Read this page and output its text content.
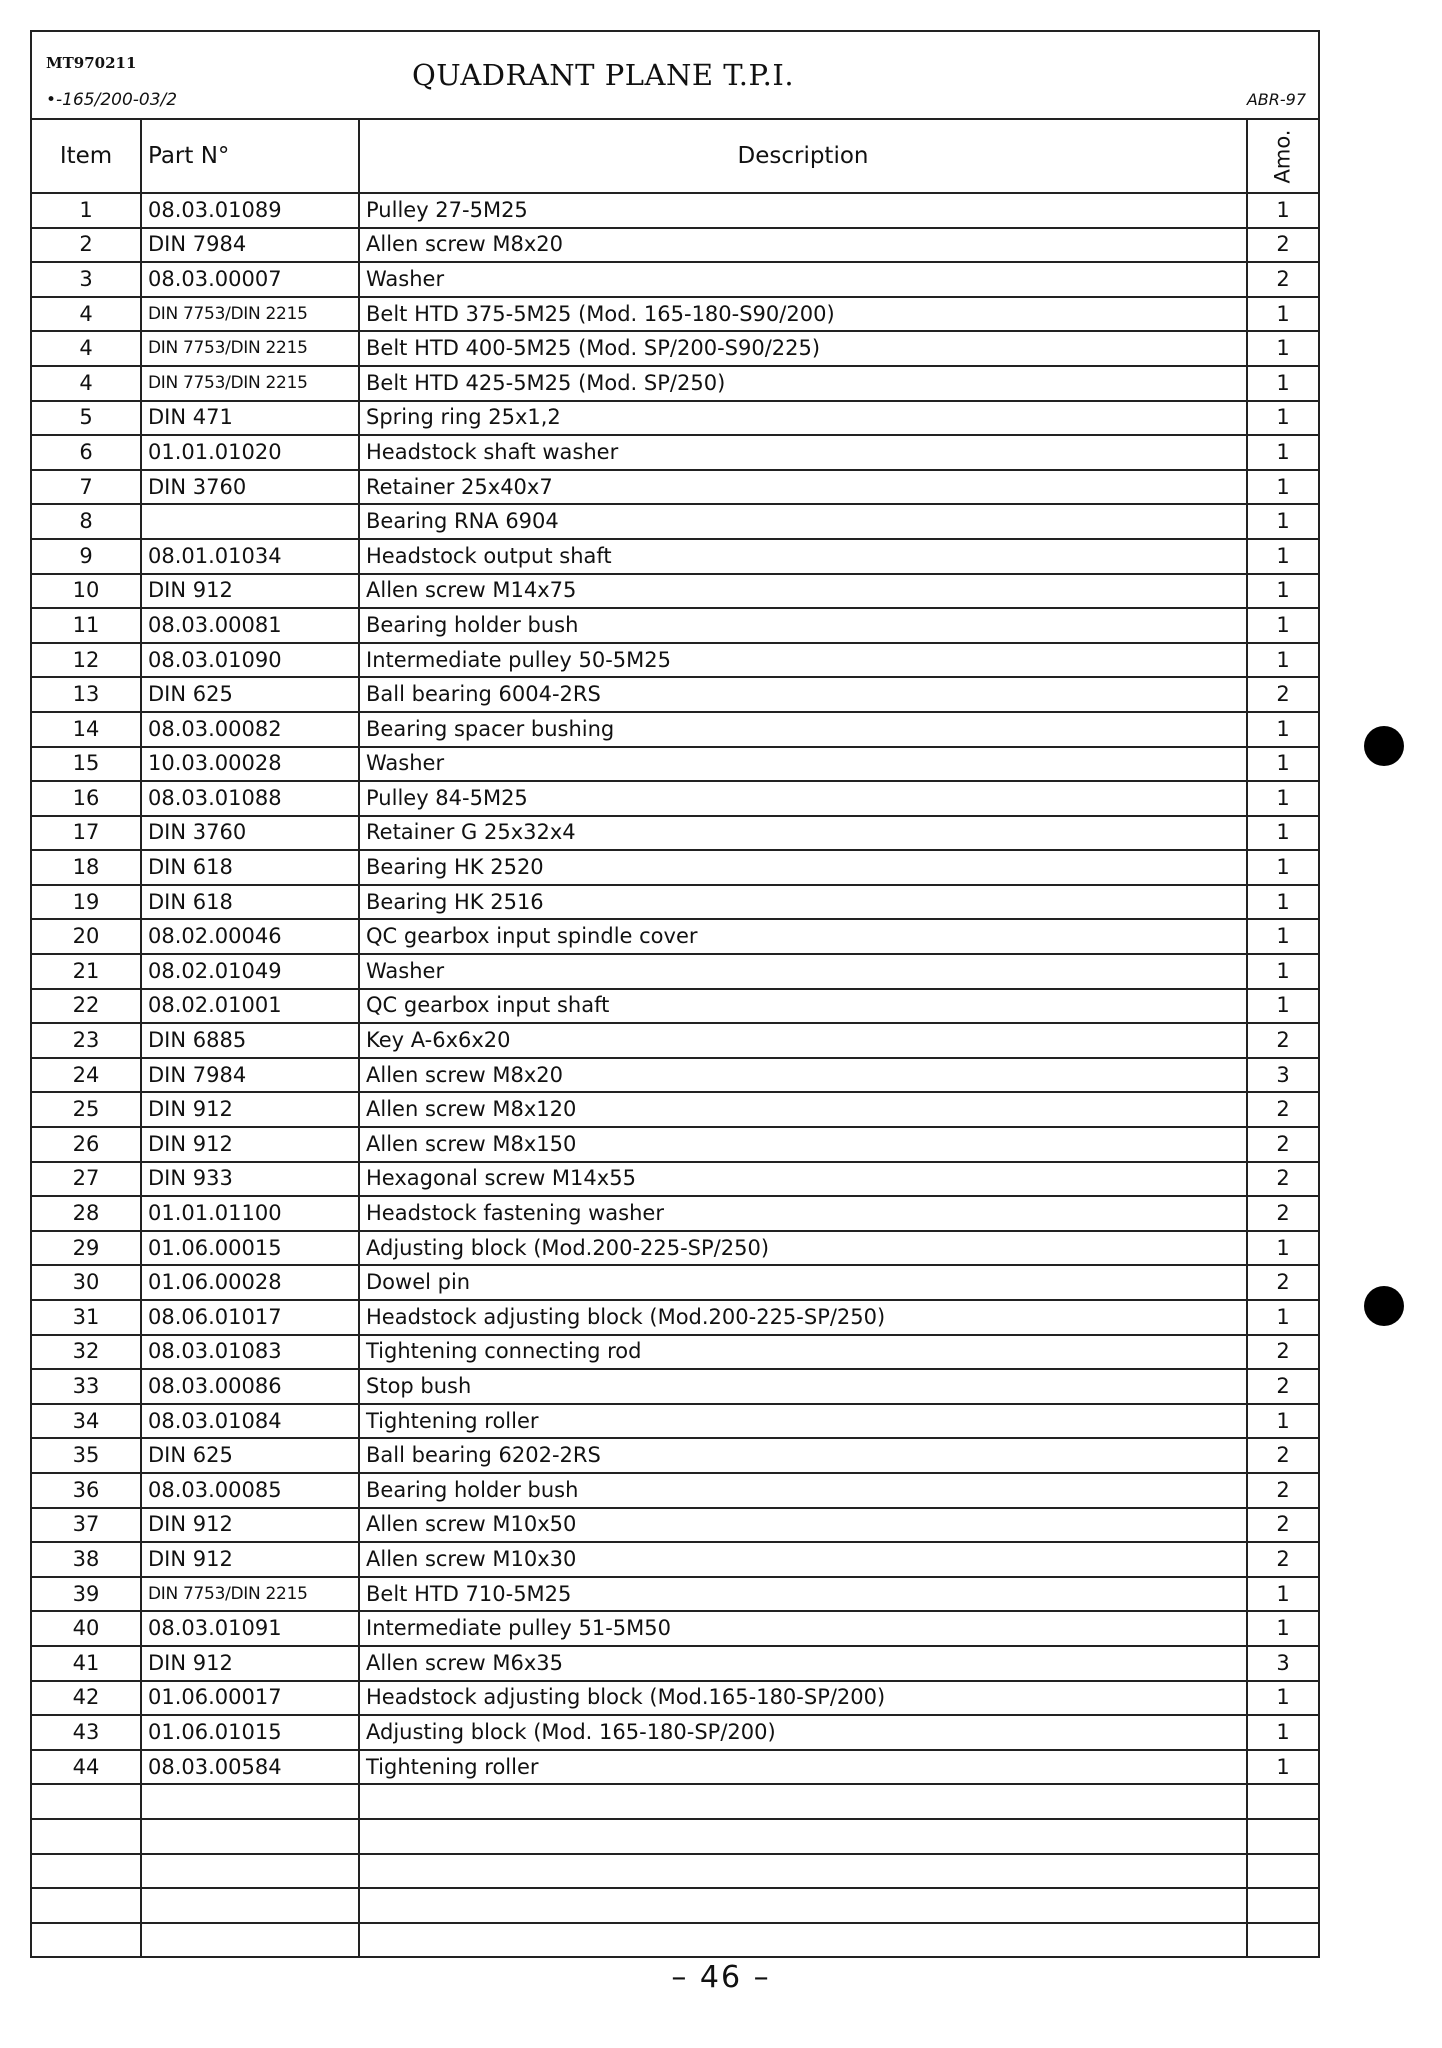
MT970211
•-165/200-03/2
QUADRANT PLANE T.P.I.
ABR-97
Item	Part N°	Description	Amo.
1	08.03.01089	Pulley 27-5M25	1
2	DIN 7984	Allen screw M8x20	2
3	08.03.00007	Washer	2
4	DIN 7753/DIN 2215	Belt HTD 375-5M25 (Mod. 165-180-S90/200)	1
4	DIN 7753/DIN 2215	Belt HTD 400-5M25 (Mod. SP/200-S90/225)	1
4	DIN 7753/DIN 2215	Belt HTD 425-5M25 (Mod. SP/250)	1
5	DIN 471	Spring ring 25x1,2	1
6	01.01.01020	Headstock shaft washer	1
7	DIN 3760	Retainer 25x40x7	1
8		Bearing RNA 6904	1
9	08.01.01034	Headstock output shaft	1
10	DIN 912	Allen screw M14x75	1
11	08.03.00081	Bearing holder bush	1
12	08.03.01090	Intermediate pulley 50-5M25	1
13	DIN 625	Ball bearing 6004-2RS	2
14	08.03.00082	Bearing spacer bushing	1
15	10.03.00028	Washer	1
16	08.03.01088	Pulley 84-5M25	1
17	DIN 3760	Retainer G 25x32x4	1
18	DIN 618	Bearing HK 2520	1
19	DIN 618	Bearing HK 2516	1
20	08.02.00046	QC gearbox input spindle cover	1
21	08.02.01049	Washer	1
22	08.02.01001	QC gearbox input shaft	1
23	DIN 6885	Key A-6x6x20	2
24	DIN 7984	Allen screw M8x20	3
25	DIN 912	Allen screw M8x120	2
26	DIN 912	Allen screw M8x150	2
27	DIN 933	Hexagonal screw M14x55	2
28	01.01.01100	Headstock fastening washer	2
29	01.06.00015	Adjusting block (Mod.200-225-SP/250)	1
30	01.06.00028	Dowel pin	2
31	08.06.01017	Headstock adjusting block (Mod.200-225-SP/250)	1
32	08.03.01083	Tightening connecting rod	2
33	08.03.00086	Stop bush	2
34	08.03.01084	Tightening roller	1
35	DIN 625	Ball bearing 6202-2RS	2
36	08.03.00085	Bearing holder bush	2
37	DIN 912	Allen screw M10x50	2
38	DIN 912	Allen screw M10x30	2
39	DIN 7753/DIN 2215	Belt HTD 710-5M25	1
40	08.03.01091	Intermediate pulley 51-5M50	1
41	DIN 912	Allen screw M6x35	3
42	01.06.00017	Headstock adjusting block (Mod.165-180-SP/200)	1
43	01.06.01015	Adjusting block (Mod. 165-180-SP/200)	1
44	08.03.00584	Tightening roller	1

– 46 –
